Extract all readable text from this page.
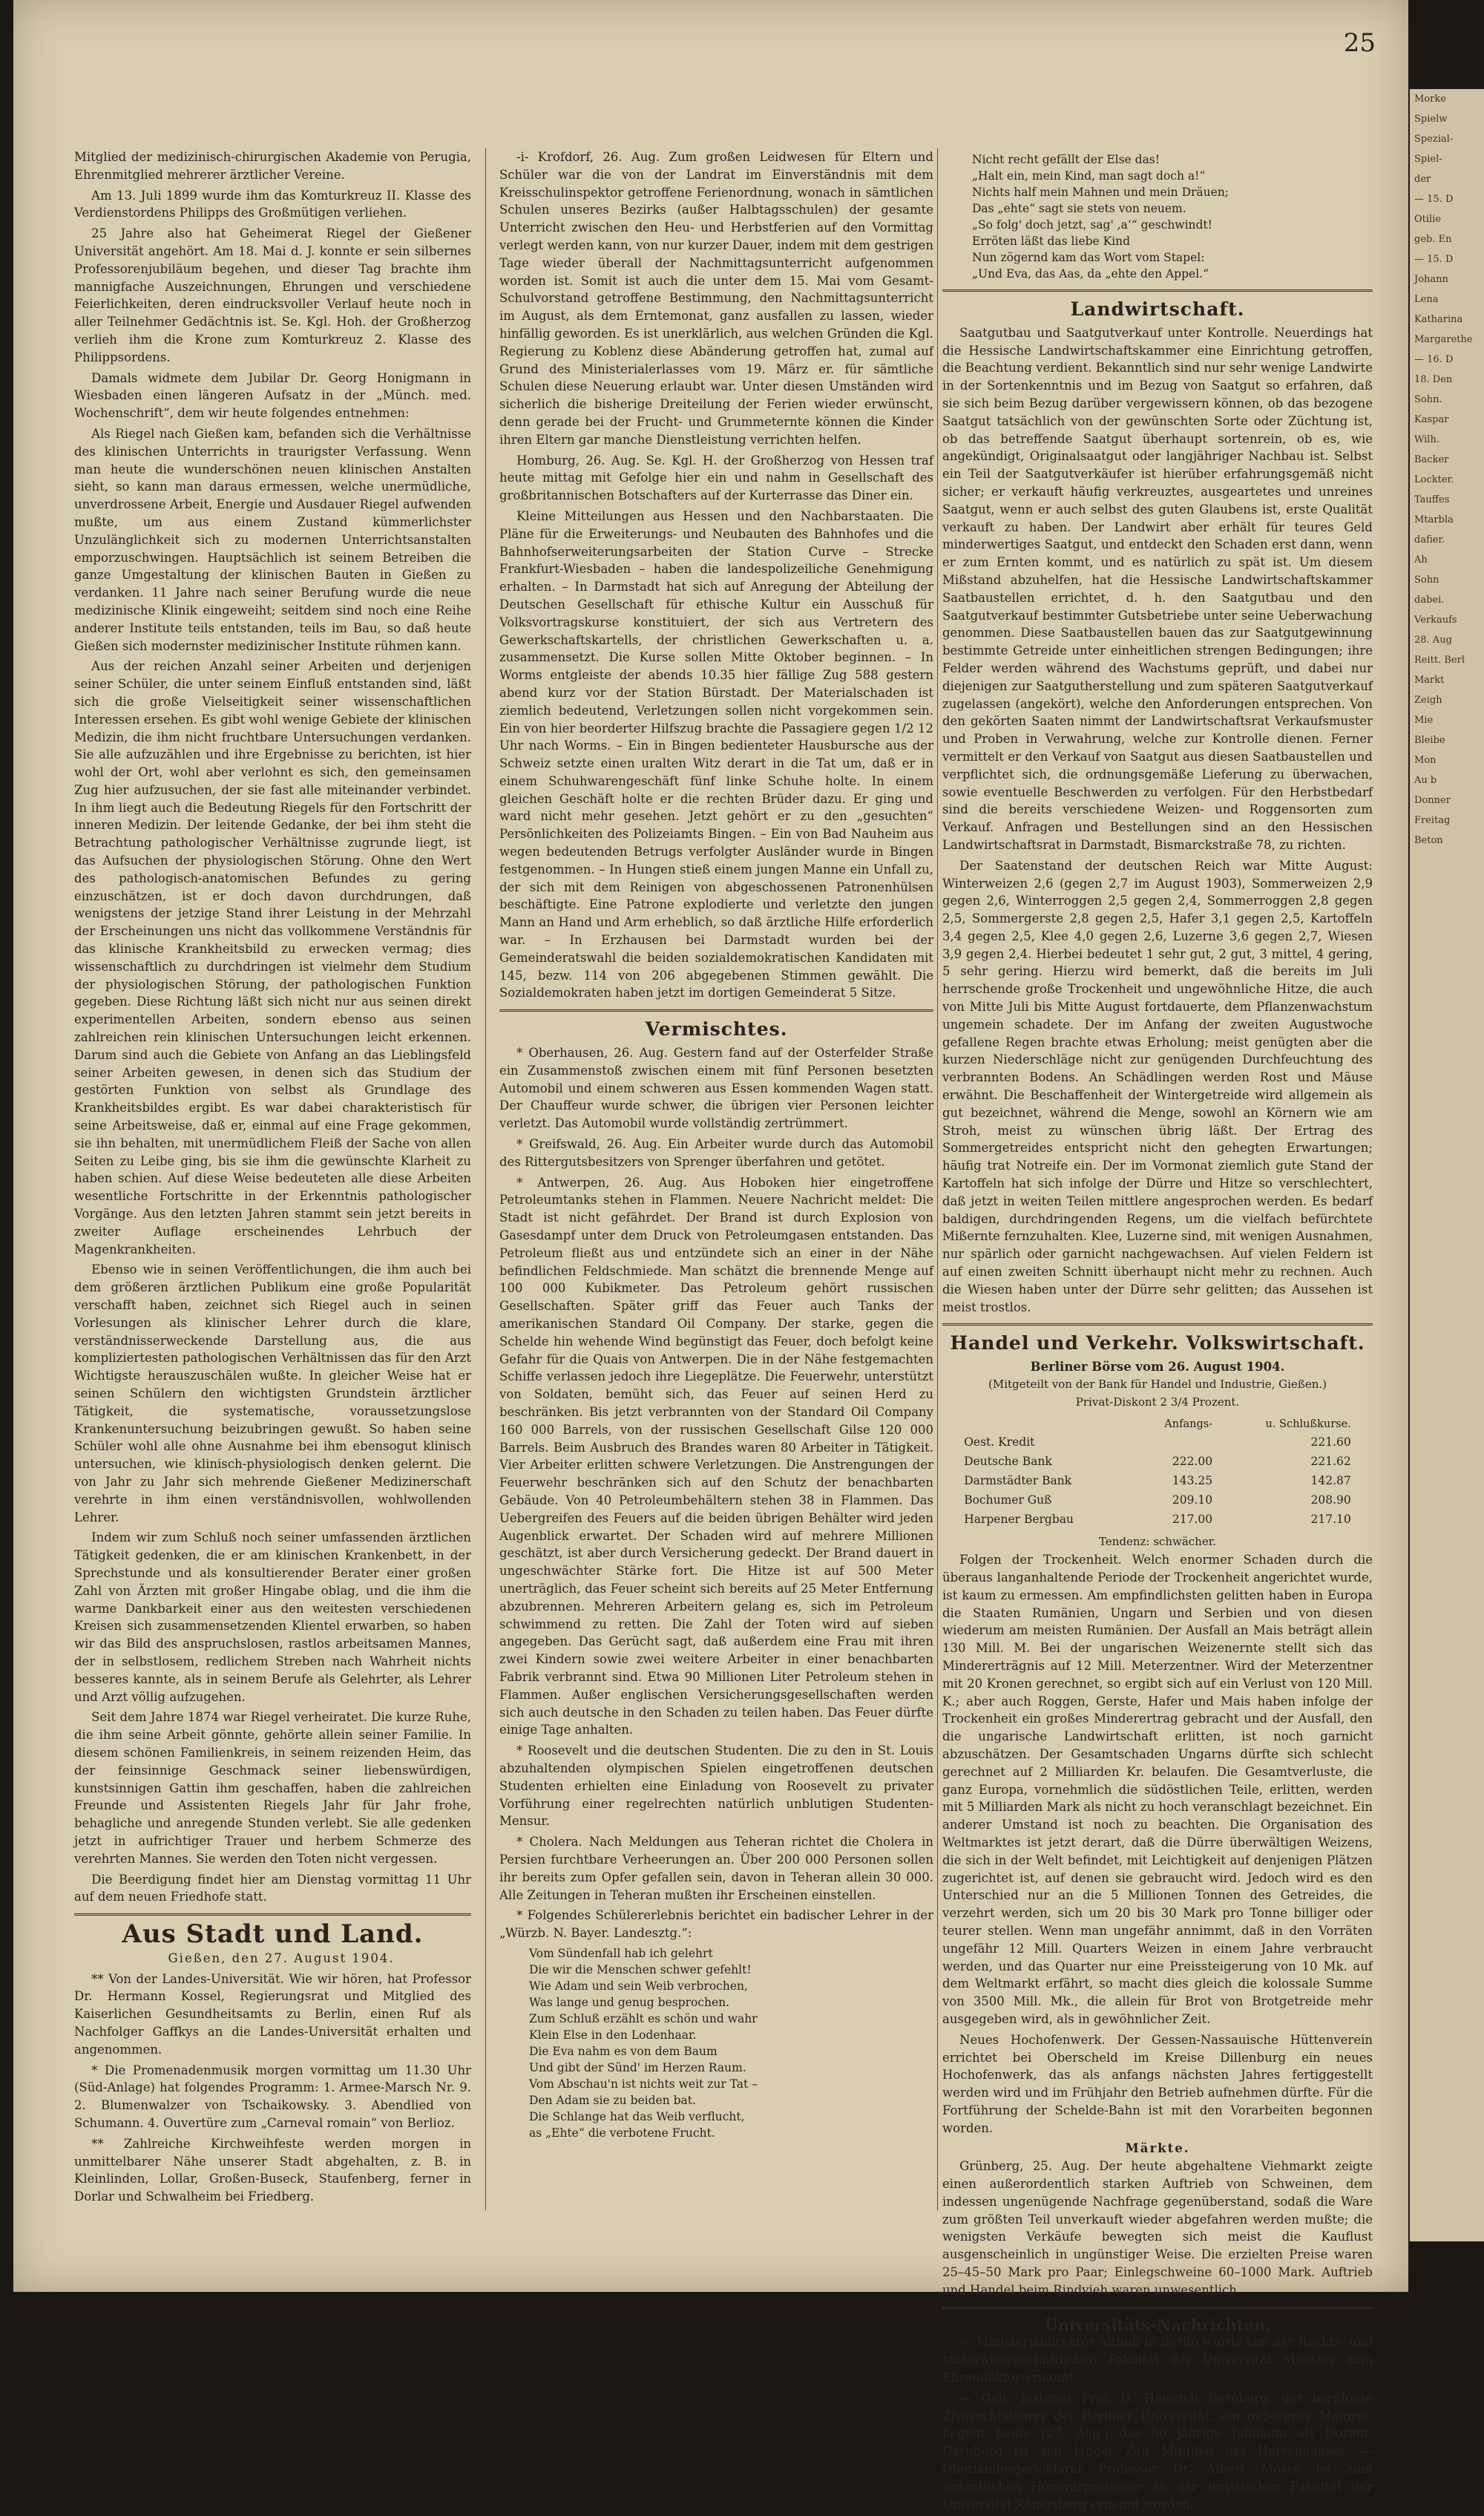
25

Mitglied der medizinisch-chirurgischen Akademie von Perugia, Ehrenmitglied mehrerer ärztlicher Vereine.

Am 13. Juli 1899 wurde ihm das Komturkreuz II. Klasse des Verdienstordens Philipps des Großmütigen verliehen.

25 Jahre also hat Geheimerat Riegel der Gießener Universität angehört. Am 18. Mai d. J. konnte er sein silbernes Professorenjubiläum begehen, und dieser Tag brachte ihm mannigfache Auszeichnungen, Ehrungen und verschiedene Feierlichkeiten, deren eindrucksvoller Verlauf heute noch in aller Teilnehmer Gedächtnis ist. Se. Kgl. Hoh. der Großherzog verlieh ihm die Krone zum Komturkreuz 2. Klasse des Philippsordens.

Damals widmete dem Jubilar Dr. Georg Honigmann in Wiesbaden einen längeren Aufsatz in der „Münch. med. Wochenschrift“, dem wir heute folgendes entnehmen:

Als Riegel nach Gießen kam, befanden sich die Verhältnisse des klinischen Unterrichts in traurigster Verfassung. Wenn man heute die wunderschönen neuen klinischen Anstalten sieht, so kann man daraus ermessen, welche unermüdliche, unverdrossene Arbeit, Energie und Ausdauer Riegel aufwenden mußte, um aus einem Zustand kümmerlichster Unzulänglichkeit sich zu modernen Unterrichtsanstalten emporzuschwingen. Hauptsächlich ist seinem Betreiben die ganze Umgestaltung der klinischen Bauten in Gießen zu verdanken. 11 Jahre nach seiner Berufung wurde die neue medizinische Klinik eingeweiht; seitdem sind noch eine Reihe anderer Institute teils entstanden, teils im Bau, so daß heute Gießen sich modernster medizinischer Institute rühmen kann.

Aus der reichen Anzahl seiner Arbeiten und derjenigen seiner Schüler, die unter seinem Einfluß entstanden sind, läßt sich die große Vielseitigkeit seiner wissenschaftlichen Interessen ersehen. Es gibt wohl wenige Gebiete der klinischen Medizin, die ihm nicht fruchtbare Untersuchungen verdanken. Sie alle aufzuzählen und ihre Ergebnisse zu berichten, ist hier wohl der Ort, wohl aber verlohnt es sich, den gemeinsamen Zug hier aufzusuchen, der sie fast alle miteinander verbindet. In ihm liegt auch die Bedeutung Riegels für den Fortschritt der inneren Medizin. Der leitende Gedanke, der bei ihm steht die Betrachtung pathologischer Verhältnisse zugrunde liegt, ist das Aufsuchen der physiologischen Störung. Ohne den Wert des pathologisch-anatomischen Befundes zu gering einzuschätzen, ist er doch davon durchdrungen, daß wenigstens der jetzige Stand ihrer Leistung in der Mehrzahl der Erscheinungen uns nicht das vollkommene Verständnis für das klinische Krankheitsbild zu erwecken vermag; dies wissenschaftlich zu durchdringen ist vielmehr dem Studium der physiologischen Störung, der pathologischen Funktion gegeben. Diese Richtung läßt sich nicht nur aus seinen direkt experimentellen Arbeiten, sondern ebenso aus seinen zahlreichen rein klinischen Untersuchungen leicht erkennen. Darum sind auch die Gebiete von Anfang an das Lieblingsfeld seiner Arbeiten gewesen, in denen sich das Studium der gestörten Funktion von selbst als Grundlage des Krankheitsbildes ergibt. Es war dabei charakteristisch für seine Arbeitsweise, daß er, einmal auf eine Frage gekommen, sie ihn behalten, mit unermüdlichem Fleiß der Sache von allen Seiten zu Leibe ging, bis sie ihm die gewünschte Klarheit zu haben schien. Auf diese Weise bedeuteten alle diese Arbeiten wesentliche Fortschritte in der Erkenntnis pathologischer Vorgänge. Aus den letzten Jahren stammt sein jetzt bereits in zweiter Auflage erscheinendes Lehrbuch der Magenkrankheiten.

Ebenso wie in seinen Veröffentlichungen, die ihm auch bei dem größeren ärztlichen Publikum eine große Popularität verschafft haben, zeichnet sich Riegel auch in seinen Vorlesungen als klinischer Lehrer durch die klare, verständnisserweckende Darstellung aus, die aus kompliziertesten pathologischen Verhältnissen das für den Arzt Wichtigste herauszuschälen wußte. In gleicher Weise hat er seinen Schülern den wichtigsten Grundstein ärztlicher Tätigkeit, die systematische, voraussetzungslose Krankenuntersuchung beizubringen gewußt. So haben seine Schüler wohl alle ohne Ausnahme bei ihm ebensogut klinisch untersuchen, wie klinisch-physiologisch denken gelernt. Die von Jahr zu Jahr sich mehrende Gießener Medizinerschaft verehrte in ihm einen verständnisvollen, wohlwollenden Lehrer.

Indem wir zum Schluß noch seiner umfassenden ärztlichen Tätigkeit gedenken, die er am klinischen Krankenbett, in der Sprechstunde und als konsultierender Berater einer großen Zahl von Ärzten mit großer Hingabe oblag, und die ihm die warme Dankbarkeit einer aus den weitesten verschiedenen Kreisen sich zusammensetzenden Klientel erwarben, so haben wir das Bild des anspruchslosen, rastlos arbeitsamen Mannes, der in selbstlosem, redlichem Streben nach Wahrheit nichts besseres kannte, als in seinem Berufe als Gelehrter, als Lehrer und Arzt völlig aufzugehen.

Seit dem Jahre 1874 war Riegel verheiratet. Die kurze Ruhe, die ihm seine Arbeit gönnte, gehörte allein seiner Familie. In diesem schönen Familienkreis, in seinem reizenden Heim, das der feinsinnige Geschmack seiner liebenswürdigen, kunstsinnigen Gattin ihm geschaffen, haben die zahlreichen Freunde und Assistenten Riegels Jahr für Jahr frohe, behagliche und anregende Stunden verlebt. Sie alle gedenken jetzt in aufrichtiger Trauer und herbem Schmerze des verehrten Mannes. Sie werden den Toten nicht vergessen.

Die Beerdigung findet hier am Dienstag vormittag 11 Uhr auf dem neuen Friedhofe statt.

Aus Stadt und Land.

Gießen, den 27. August 1904.

** Von der Landes-Universität. Wie wir hören, hat Professor Dr. Hermann Kossel, Regierungsrat und Mitglied des Kaiserlichen Gesundheitsamts zu Berlin, einen Ruf als Nachfolger Gaffkys an die Landes-Universität erhalten und angenommen.

* Die Promenadenmusik morgen vormittag um 11.30 Uhr (Süd-Anlage) hat folgendes Programm: 1. Armee-Marsch Nr. 9. 2. Blumenwalzer von Tschaikowsky. 3. Abendlied von Schumann. 4. Ouvertüre zum „Carneval romain“ von Berlioz.

** Zahlreiche Kirchweihfeste werden morgen in unmittelbarer Nähe unserer Stadt abgehalten, z. B. in Kleinlinden, Lollar, Großen-Buseck, Staufenberg, ferner in Dorlar und Schwalheim bei Friedberg.

-i- Krofdorf, 26. Aug. Zum großen Leidwesen für Eltern und Schüler war die von der Landrat im Einverständnis mit dem Kreisschulinspektor getroffene Ferienordnung, wonach in sämtlichen Schulen unseres Bezirks (außer Halbtagsschulen) der gesamte Unterricht zwischen den Heu- und Herbstferien auf den Vormittag verlegt werden kann, von nur kurzer Dauer, indem mit dem gestrigen Tage wieder überall der Nachmittagsunterricht aufgenommen worden ist. Somit ist auch die unter dem 15. Mai vom Gesamt-Schulvorstand getroffene Bestimmung, den Nachmittagsunterricht im August, als dem Erntemonat, ganz ausfallen zu lassen, wieder hinfällig geworden. Es ist unerklärlich, aus welchen Gründen die Kgl. Regierung zu Koblenz diese Abänderung getroffen hat, zumal auf Grund des Ministerialerlasses vom 19. März er. für sämtliche Schulen diese Neuerung erlaubt war. Unter diesen Umständen wird sicherlich die bisherige Dreiteilung der Ferien wieder erwünscht, denn gerade bei der Frucht- und Grummeternte können die Kinder ihren Eltern gar manche Dienstleistung verrichten helfen.

Homburg, 26. Aug. Se. Kgl. H. der Großherzog von Hessen traf heute mittag mit Gefolge hier ein und nahm in Gesellschaft des großbritannischen Botschafters auf der Kurterrasse das Diner ein.

Kleine Mitteilungen aus Hessen und den Nachbarstaaten. Die Pläne für die Erweiterungs- und Neubauten des Bahnhofes und die Bahnhofserweiterungsarbeiten der Station Curve – Strecke Frankfurt-Wiesbaden – haben die landespolizeiliche Genehmigung erhalten. – In Darmstadt hat sich auf Anregung der Abteilung der Deutschen Gesellschaft für ethische Kultur ein Ausschuß für Volksvortragskurse konstituiert, der sich aus Vertretern des Gewerkschaftskartells, der christlichen Gewerkschaften u. a. zusammensetzt. Die Kurse sollen Mitte Oktober beginnen. – In Worms entgleiste der abends 10.35 hier fällige Zug 588 gestern abend kurz vor der Station Bürstadt. Der Materialschaden ist ziemlich bedeutend, Verletzungen sollen nicht vorgekommen sein. Ein von hier beorderter Hilfszug brachte die Passagiere gegen 1/2 12 Uhr nach Worms. – Ein in Bingen bedienteter Hausbursche aus der Schweiz setzte einen uralten Witz derart in die Tat um, daß er in einem Schuhwarengeschäft fünf linke Schuhe holte. In einem gleichen Geschäft holte er die rechten Brüder dazu. Er ging und ward nicht mehr gesehen. Jetzt gehört er zu den „gesuchten“ Persönlichkeiten des Polizeiamts Bingen. – Ein von Bad Nauheim aus wegen bedeutenden Betrugs verfolgter Ausländer wurde in Bingen festgenommen. – In Hungen stieß einem jungen Manne ein Unfall zu, der sich mit dem Reinigen von abgeschossenen Patronenhülsen beschäftigte. Eine Patrone explodierte und verletzte den jungen Mann an Hand und Arm erheblich, so daß ärztliche Hilfe erforderlich war. – In Erzhausen bei Darmstadt wurden bei der Gemeinderatswahl die beiden sozialdemokratischen Kandidaten mit 145, bezw. 114 von 206 abgegebenen Stimmen gewählt. Die Sozialdemokraten haben jetzt im dortigen Gemeinderat 5 Sitze.

Vermischtes.

* Oberhausen, 26. Aug. Gestern fand auf der Osterfelder Straße ein Zusammenstoß zwischen einem mit fünf Personen besetzten Automobil und einem schweren aus Essen kommenden Wagen statt. Der Chauffeur wurde schwer, die übrigen vier Personen leichter verletzt. Das Automobil wurde vollständig zertrümmert.

* Greifswald, 26. Aug. Ein Arbeiter wurde durch das Automobil des Rittergutsbesitzers von Sprenger überfahren und getötet.

* Antwerpen, 26. Aug. Aus Hoboken hier eingetroffene Petroleumtanks stehen in Flammen. Neuere Nachricht meldet: Die Stadt ist nicht gefährdet. Der Brand ist durch Explosion von Gasesdampf unter dem Druck von Petroleumgasen entstanden. Das Petroleum fließt aus und entzündete sich an einer in der Nähe befindlichen Feldschmiede. Man schätzt die brennende Menge auf 100 000 Kubikmeter. Das Petroleum gehört russischen Gesellschaften. Später griff das Feuer auch Tanks der amerikanischen Standard Oil Company. Der starke, gegen die Schelde hin wehende Wind begünstigt das Feuer, doch befolgt keine Gefahr für die Quais von Antwerpen. Die in der Nähe festgemachten Schiffe verlassen jedoch ihre Liegeplätze. Die Feuerwehr, unterstützt von Soldaten, bemüht sich, das Feuer auf seinen Herd zu beschränken. Bis jetzt verbrannten von der Standard Oil Company 160 000 Barrels, von der russischen Gesellschaft Gilse 120 000 Barrels. Beim Ausbruch des Brandes waren 80 Arbeiter in Tätigkeit. Vier Arbeiter erlitten schwere Verletzungen. Die Anstrengungen der Feuerwehr beschränken sich auf den Schutz der benachbarten Gebäude. Von 40 Petroleumbehältern stehen 38 in Flammen. Das Uebergreifen des Feuers auf die beiden übrigen Behälter wird jeden Augenblick erwartet. Der Schaden wird auf mehrere Millionen geschätzt, ist aber durch Versicherung gedeckt. Der Brand dauert in ungeschwächter Stärke fort. Die Hitze ist auf 500 Meter unerträglich, das Feuer scheint sich bereits auf 25 Meter Entfernung abzubrennen. Mehreren Arbeitern gelang es, sich im Petroleum schwimmend zu retten. Die Zahl der Toten wird auf sieben angegeben. Das Gerücht sagt, daß außerdem eine Frau mit ihren zwei Kindern sowie zwei weitere Arbeiter in einer benachbarten Fabrik verbrannt sind. Etwa 90 Millionen Liter Petroleum stehen in Flammen. Außer englischen Versicherungsgesellschaften werden sich auch deutsche in den Schaden zu teilen haben. Das Feuer dürfte einige Tage anhalten.

* Roosevelt und die deutschen Studenten. Die zu den in St. Louis abzuhaltenden olympischen Spielen eingetroffenen deutschen Studenten erhielten eine Einladung von Roosevelt zu privater Vorführung einer regelrechten natürlich unblutigen Studenten-Mensur.

* Cholera. Nach Meldungen aus Teheran richtet die Cholera in Persien furchtbare Verheerungen an. Über 200 000 Personen sollen ihr bereits zum Opfer gefallen sein, davon in Teheran allein 30 000. Alle Zeitungen in Teheran mußten ihr Erscheinen einstellen.

* Folgendes Schülererlebnis berichtet ein badischer Lehrer in der „Würzb. N. Bayer. Landesztg.“:

Vom Sündenfall hab ich gelehrt
Die wir die Menschen schwer gefehlt!
Wie Adam und sein Weib verbrochen,
Was lange und genug besprochen.
Zum Schluß erzählt es schön und wahr
Klein Else in den Lodenhaar.
Die Eva nahm es von dem Baum
Und gibt der Sünd' im Herzen Raum.
Vom Abschau'n ist nichts weit zur Tat –
Den Adam sie zu beiden bat.
Die Schlange hat das Weib verflucht,
as „Ehte“ die verbotene Frucht.
Nicht recht gefällt der Else das!
„Halt ein, mein Kind, man sagt doch a!“
Nichts half mein Mahnen und mein Dräuen;
Das „ehte“ sagt sie stets von neuem.
„So folg' doch jetzt, sag' ,a‘“ geschwindt!
Erröten läßt das liebe Kind
Nun zögernd kam das Wort vom Stapel:
„Und Eva, das Aas, da „ehte den Appel.“
Landwirtschaft.

Saatgutbau und Saatgutverkauf unter Kontrolle. Neuerdings hat die Hessische Landwirtschaftskammer eine Einrichtung getroffen, die Beachtung verdient. Bekanntlich sind nur sehr wenige Landwirte in der Sortenkenntnis und im Bezug von Saatgut so erfahren, daß sie sich beim Bezug darüber vergewissern können, ob das bezogene Saatgut tatsächlich von der gewünschten Sorte oder Züchtung ist, ob das betreffende Saatgut überhaupt sortenrein, ob es, wie angekündigt, Originalsaatgut oder langjähriger Nachbau ist. Selbst ein Teil der Saatgutverkäufer ist hierüber erfahrungsgemäß nicht sicher; er verkauft häufig verkreuztes, ausgeartetes und unreines Saatgut, wenn er auch selbst des guten Glaubens ist, erste Qualität verkauft zu haben. Der Landwirt aber erhält für teures Geld minderwertiges Saatgut, und entdeckt den Schaden erst dann, wenn er zum Ernten kommt, und es natürlich zu spät ist. Um diesem Mißstand abzuhelfen, hat die Hessische Landwirtschaftskammer Saatbaustellen errichtet, d. h. den Saatgutbau und den Saatgutverkauf bestimmter Gutsbetriebe unter seine Ueberwachung genommen. Diese Saatbaustellen bauen das zur Saatgutgewinnung bestimmte Getreide unter einheitlichen strengen Bedingungen; ihre Felder werden während des Wachstums geprüft, und dabei nur diejenigen zur Saatgutherstellung und zum späteren Saatgutverkauf zugelassen (angekört), welche den Anforderungen entsprechen. Von den gekörten Saaten nimmt der Landwirtschaftsrat Verkaufsmuster und Proben in Verwahrung, welche zur Kontrolle dienen. Ferner vermittelt er den Verkauf von Saatgut aus diesen Saatbaustellen und verpflichtet sich, die ordnungsgemäße Lieferung zu überwachen, sowie eventuelle Beschwerden zu verfolgen. Für den Herbstbedarf sind die bereits verschiedene Weizen- und Roggensorten zum Verkauf. Anfragen und Bestellungen sind an den Hessischen Landwirtschaftsrat in Darmstadt, Bismarckstraße 78, zu richten.

Der Saatenstand der deutschen Reich war Mitte August: Winterweizen 2,6 (gegen 2,7 im August 1903), Sommerweizen 2,9 gegen 2,6, Winterroggen 2,5 gegen 2,4, Sommerroggen 2,8 gegen 2,5, Sommergerste 2,8 gegen 2,5, Hafer 3,1 gegen 2,5, Kartoffeln 3,4 gegen 2,5, Klee 4,0 gegen 2,6, Luzerne 3,6 gegen 2,7, Wiesen 3,9 gegen 2,4. Hierbei bedeutet 1 sehr gut, 2 gut, 3 mittel, 4 gering, 5 sehr gering. Hierzu wird bemerkt, daß die bereits im Juli herrschende große Trockenheit und ungewöhnliche Hitze, die auch von Mitte Juli bis Mitte August fortdauerte, dem Pflanzenwachstum ungemein schadete. Der im Anfang der zweiten Augustwoche gefallene Regen brachte etwas Erholung; meist genügten aber die kurzen Niederschläge nicht zur genügenden Durchfeuchtung des verbrannten Bodens. An Schädlingen werden Rost und Mäuse erwähnt. Die Beschaffenheit der Wintergetreide wird allgemein als gut bezeichnet, während die Menge, sowohl an Körnern wie am Stroh, meist zu wünschen übrig läßt. Der Ertrag des Sommergetreides entspricht nicht den gehegten Erwartungen; häufig trat Notreife ein. Der im Vormonat ziemlich gute Stand der Kartoffeln hat sich infolge der Dürre und Hitze so verschlechtert, daß jetzt in weiten Teilen mittlere angesprochen werden. Es bedarf baldigen, durchdringenden Regens, um die vielfach befürchtete Mißernte fernzuhalten. Klee, Luzerne sind, mit wenigen Ausnahmen, nur spärlich oder garnicht nachgewachsen. Auf vielen Feldern ist auf einen zweiten Schnitt überhaupt nicht mehr zu rechnen. Auch die Wiesen haben unter der Dürre sehr gelitten; das Aussehen ist meist trostlos.

Handel und Verkehr. Volkswirtschaft.
Berliner Börse vom 26. August 1904.
(Mitgeteilt von der Bank für Handel und Industrie, Gießen.)
Privat-Diskont 2 3/4 Prozent.
	Anfangs-	u. Schlußkurse.
Oest. Kredit		221.60
Deutsche Bank	222.00	221.62
Darmstädter Bank	143.25	142.87
Bochumer Guß	209.10	208.90
Harpener Bergbau	217.00	217.10
Tendenz: schwächer.

Folgen der Trockenheit. Welch enormer Schaden durch die überaus langanhaltende Periode der Trockenheit angerichtet wurde, ist kaum zu ermessen. Am empfindlichsten gelitten haben in Europa die Staaten Rumänien, Ungarn und Serbien und von diesen wiederum am meisten Rumänien. Der Ausfall an Mais beträgt allein 130 Mill. M. Bei der ungarischen Weizenernte stellt sich das Mindererträgnis auf 12 Mill. Meterzentner. Wird der Meterzentner mit 20 Kronen gerechnet, so ergibt sich auf ein Verlust von 120 Mill. K.; aber auch Roggen, Gerste, Hafer und Mais haben infolge der Trockenheit ein großes Minderertrag gebracht und der Ausfall, den die ungarische Landwirtschaft erlitten, ist noch garnicht abzuschätzen. Der Gesamtschaden Ungarns dürfte sich schlecht gerechnet auf 2 Milliarden Kr. belaufen. Die Gesamtverluste, die ganz Europa, vornehmlich die südöstlichen Teile, erlitten, werden mit 5 Milliarden Mark als nicht zu hoch veranschlagt bezeichnet. Ein anderer Umstand ist noch zu beachten. Die Organisation des Weltmarktes ist jetzt derart, daß die Dürre überwältigen Weizens, die sich in der Welt befindet, mit Leichtigkeit auf denjenigen Plätzen zugerichtet ist, auf denen sie gebraucht wird. Jedoch wird es den Unterschied nur an die 5 Millionen Tonnen des Getreides, die verzehrt werden, sich um 20 bis 30 Mark pro Tonne billiger oder teurer stellen. Wenn man ungefähr annimmt, daß in den Vorräten ungefähr 12 Mill. Quarters Weizen in einem Jahre verbraucht werden, und das Quarter nur eine Preissteigerung von 10 Mk. auf dem Weltmarkt erfährt, so macht dies gleich die kolossale Summe von 3500 Mill. Mk., die allein für Brot von Brotgetreide mehr ausgegeben wird, als in gewöhnlicher Zeit.

Neues Hochofenwerk. Der Gessen-Nassauische Hüttenverein errichtet bei Oberscheld im Kreise Dillenburg ein neues Hochofenwerk, das als anfangs nächsten Jahres fertiggestellt werden wird und im Frühjahr den Betrieb aufnehmen dürfte. Für die Fortführung der Schelde-Bahn ist mit den Vorarbeiten begonnen worden.

Märkte.

Grünberg, 25. Aug. Der heute abgehaltene Viehmarkt zeigte einen außerordentlich starken Auftrieb von Schweinen, dem indessen ungenügende Nachfrage gegenüberstand, sodaß die Ware zum größten Teil unverkauft wieder abgefahren werden mußte; die wenigsten Verkäufe bewegten sich meist die Kauflust ausgenscheinlich in ungünstiger Weise. Die erzielten Preise waren 25–45–50 Mark pro Paar; Einlegschweine 60–1000 Mark. Auftrieb und Handel beim Rindvieh waren unwesentlich.

Universitäts-Nachrichten.

— Ministerialdirektor Althoff in Berlin wurde von der Rechts- und staatswissenschaftlichen Fakultät der Universität Münster zum Ehrendoktor ernannt.

— Geh. Justizrat Prof. D. Heinrich Dernburg, der berühmte Zivilrechtslehrer der Berliner Universität, ein geborener Mainzer, begeht heute (27. Aug.) das 50 jährige Jubiläum als Dozent. Dernburg ist seit langer Zeit Mitglied des Herrenhauses. — Oberlandesgerichtsrat Professor Dr. Albert Mosse ist zum ordentlichen Honorarprofessor an der juristischen Fakultät der Universität Königsberg ernannt worden.

Morke
Spielw
Spezial-
Spiel-
der
— 15. D
Otilie
geb. En
— 15. D
Johann
Lena
Katharina
Margarethe
— 16. D
18. Den
Sohn.
Kaspar
Wilh.
Backer
Lockter.
Tauffes
Mtarbla
dafier.
Ah
Sohn
dabei.
Verkaufs
28. Aug
Reitt. Berl
Markt
Zeigh
Mie
Bleibe
Mon
Au b
Donner
Freitag
Beton
